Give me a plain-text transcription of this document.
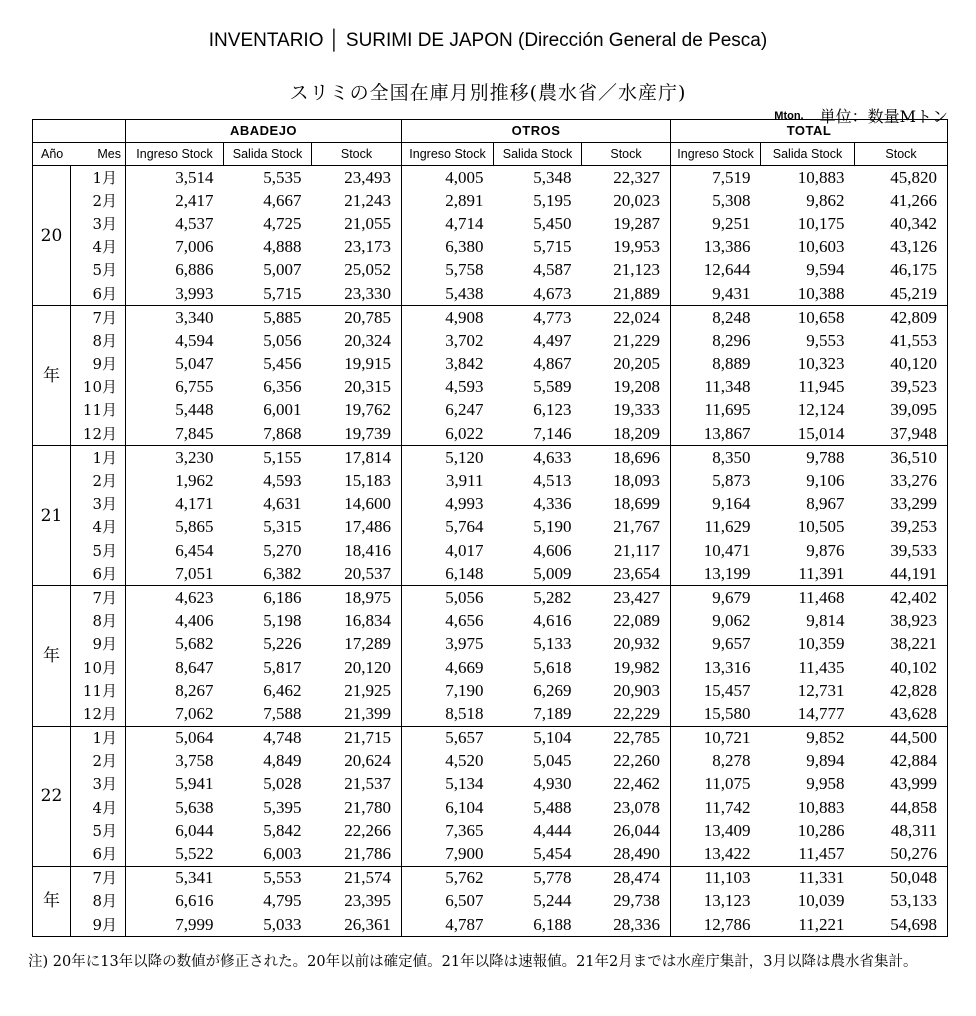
INVENTARIO │ SURIMI DE JAPON (Dirección General de Pesca)
スリミの全国在庫月別推移(農水省／水産庁)
Mton. 単位：数量Mトン
		ABADEJO			OTROS			TOTAL		
Año	Mes	Ingreso Stock	Salida Stock	Stock	Ingreso Stock	Salida Stock	Stock	Ingreso Stock	Salida Stock	Stock
20	1月	3,514	5,535	23,493	4,005	5,348	22,327	7,519	10,883	45,820
	2月	2,417	4,667	21,243	2,891	5,195	20,023	5,308	9,862	41,266
	3月	4,537	4,725	21,055	4,714	5,450	19,287	9,251	10,175	40,342
	4月	7,006	4,888	23,173	6,380	5,715	19,953	13,386	10,603	43,126
	5月	6,886	5,007	25,052	5,758	4,587	21,123	12,644	9,594	46,175
	6月	3,993	5,715	23,330	5,438	4,673	21,889	9,431	10,388	45,219
年	7月	3,340	5,885	20,785	4,908	4,773	22,024	8,248	10,658	42,809
	8月	4,594	5,056	20,324	3,702	4,497	21,229	8,296	9,553	41,553
	9月	5,047	5,456	19,915	3,842	4,867	20,205	8,889	10,323	40,120
	10月	6,755	6,356	20,315	4,593	5,589	19,208	11,348	11,945	39,523
	11月	5,448	6,001	19,762	6,247	6,123	19,333	11,695	12,124	39,095
	12月	7,845	7,868	19,739	6,022	7,146	18,209	13,867	15,014	37,948
21	1月	3,230	5,155	17,814	5,120	4,633	18,696	8,350	9,788	36,510
	2月	1,962	4,593	15,183	3,911	4,513	18,093	5,873	9,106	33,276
	3月	4,171	4,631	14,600	4,993	4,336	18,699	9,164	8,967	33,299
	4月	5,865	5,315	17,486	5,764	5,190	21,767	11,629	10,505	39,253
	5月	6,454	5,270	18,416	4,017	4,606	21,117	10,471	9,876	39,533
	6月	7,051	6,382	20,537	6,148	5,009	23,654	13,199	11,391	44,191
年	7月	4,623	6,186	18,975	5,056	5,282	23,427	9,679	11,468	42,402
	8月	4,406	5,198	16,834	4,656	4,616	22,089	9,062	9,814	38,923
	9月	5,682	5,226	17,289	3,975	5,133	20,932	9,657	10,359	38,221
	10月	8,647	5,817	20,120	4,669	5,618	19,982	13,316	11,435	40,102
	11月	8,267	6,462	21,925	7,190	6,269	20,903	15,457	12,731	42,828
	12月	7,062	7,588	21,399	8,518	7,189	22,229	15,580	14,777	43,628
22	1月	5,064	4,748	21,715	5,657	5,104	22,785	10,721	9,852	44,500
	2月	3,758	4,849	20,624	4,520	5,045	22,260	8,278	9,894	42,884
	3月	5,941	5,028	21,537	5,134	4,930	22,462	11,075	9,958	43,999
	4月	5,638	5,395	21,780	6,104	5,488	23,078	11,742	10,883	44,858
	5月	6,044	5,842	22,266	7,365	4,444	26,044	13,409	10,286	48,311
	6月	5,522	6,003	21,786	7,900	5,454	28,490	13,422	11,457	50,276
年	7月	5,341	5,553	21,574	5,762	5,778	28,474	11,103	11,331	50,048
	8月	6,616	4,795	23,395	6,507	5,244	29,738	13,123	10,039	53,133
	9月	7,999	5,033	26,361	4,787	6,188	28,336	12,786	11,221	54,698
注) 20年に13年以降の数値が修正された。20年以前は確定値。21年以降は速報値。21年2月までは水産庁集計，3月以降は農水省集計。
